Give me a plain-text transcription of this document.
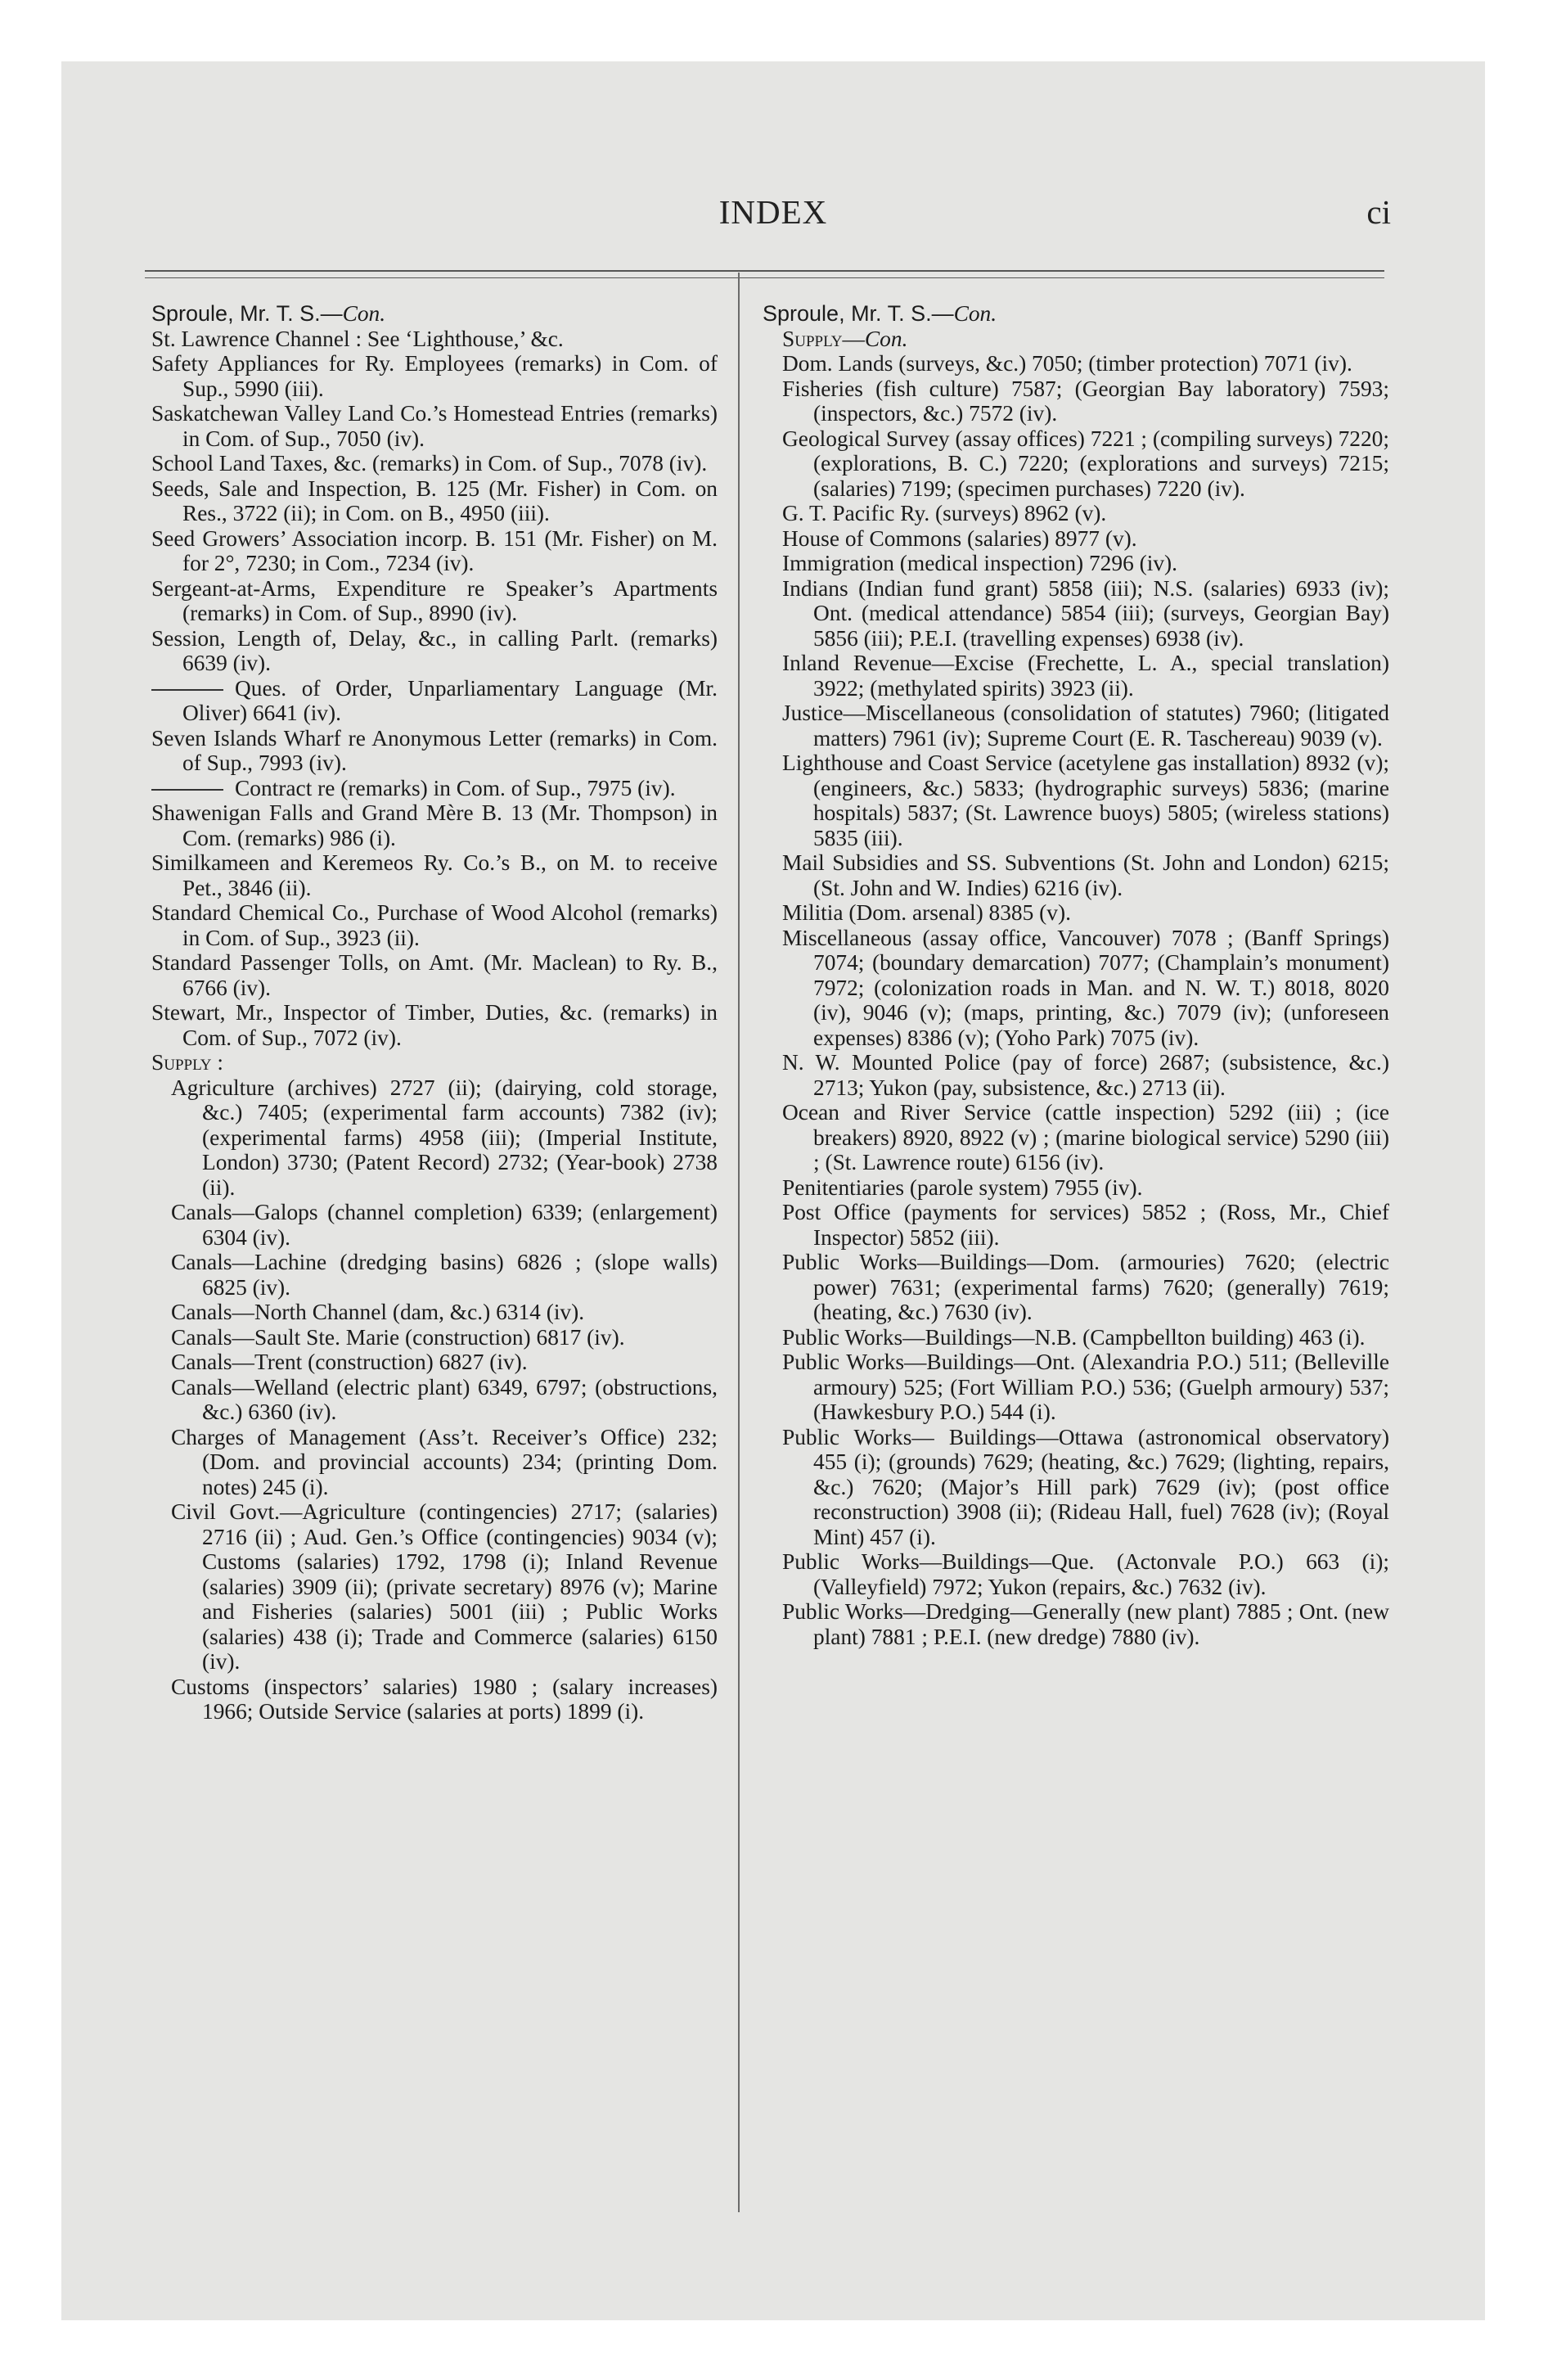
INDEX	ci

Sproule, Mr. T. S.—Con.

St. Lawrence Channel : See ‘Lighthouse,’ &c.

Safety Appliances for Ry. Employees (remarks) in Com. of Sup., 5990 (iii).

Saskatchewan Valley Land Co.’s Homestead Entries (remarks) in Com. of Sup., 7050 (iv).

School Land Taxes, &c. (remarks) in Com. of Sup., 7078 (iv).

Seeds, Sale and Inspection, B. 125 (Mr. Fisher) in Com. on Res., 3722 (ii); in Com. on B., 4950 (iii).

Seed Growers’ Association incorp. B. 151 (Mr. Fisher) on M. for 2°, 7230; in Com., 7234 (iv).

Sergeant-at-Arms, Expenditure re Speaker’s Apartments (remarks) in Com. of Sup., 8990 (iv).

Session, Length of, Delay, &c., in calling Parlt. (remarks) 6639 (iv).

Ques. of Order, Unparliamentary Language (Mr. Oliver) 6641 (iv).

Seven Islands Wharf re Anonymous Letter (remarks) in Com. of Sup., 7993 (iv).

Contract re (remarks) in Com. of Sup., 7975 (iv).

Shawenigan Falls and Grand Mère B. 13 (Mr. Thompson) in Com. (remarks) 986 (i).

Similkameen and Keremeos Ry. Co.’s B., on M. to receive Pet., 3846 (ii).

Standard Chemical Co., Purchase of Wood Alcohol (remarks) in Com. of Sup., 3923 (ii).

Standard Passenger Tolls, on Amt. (Mr. Maclean) to Ry. B., 6766 (iv).

Stewart, Mr., Inspector of Timber, Duties, &c. (remarks) in Com. of Sup., 7072 (iv).

Supply :

Agriculture (archives) 2727 (ii); (dairying, cold storage, &c.) 7405; (experimental farm accounts) 7382 (iv); (experimental farms) 4958 (iii); (Imperial Institute, London) 3730; (Patent Record) 2732; (Year-book) 2738 (ii).

Canals—Galops (channel completion) 6339; (enlargement) 6304 (iv).

Canals—Lachine (dredging basins) 6826 ; (slope walls) 6825 (iv).

Canals—North Channel (dam, &c.) 6314 (iv).

Canals—Sault Ste. Marie (construction) 6817 (iv).

Canals—Trent (construction) 6827 (iv).

Canals—Welland (electric plant) 6349, 6797; (obstructions, &c.) 6360 (iv).

Charges of Management (Ass’t. Receiver’s Office) 232; (Dom. and provincial accounts) 234; (printing Dom. notes) 245 (i).

Civil Govt.—Agriculture (contingencies) 2717; (salaries) 2716 (ii) ; Aud. Gen.’s Office (contingencies) 9034 (v); Customs (salaries) 1792, 1798 (i); Inland Revenue (salaries) 3909 (ii); (private secretary) 8976 (v); Marine and Fisheries (salaries) 5001 (iii) ; Public Works (salaries) 438 (i); Trade and Commerce (salaries) 6150 (iv).

Customs (inspectors’ salaries) 1980 ; (salary increases) 1966; Outside Service (salaries at ports) 1899 (i).

Sproule, Mr. T. S.—Con.

Supply—Con.

Dom. Lands (surveys, &c.) 7050; (timber protection) 7071 (iv).

Fisheries (fish culture) 7587; (Georgian Bay laboratory) 7593; (inspectors, &c.) 7572 (iv).

Geological Survey (assay offices) 7221 ; (compiling surveys) 7220; (explorations, B. C.) 7220; (explorations and surveys) 7215; (salaries) 7199; (specimen purchases) 7220 (iv).

G. T. Pacific Ry. (surveys) 8962 (v).

House of Commons (salaries) 8977 (v).

Immigration (medical inspection) 7296 (iv).

Indians (Indian fund grant) 5858 (iii); N.S. (salaries) 6933 (iv); Ont. (medical attendance) 5854 (iii); (surveys, Georgian Bay) 5856 (iii); P.E.I. (travelling expenses) 6938 (iv).

Inland Revenue—Excise (Frechette, L. A., special translation) 3922; (methylated spirits) 3923 (ii).

Justice—Miscellaneous (consolidation of statutes) 7960; (litigated matters) 7961 (iv); Supreme Court (E. R. Taschereau) 9039 (v).

Lighthouse and Coast Service (acetylene gas installation) 8932 (v); (engineers, &c.) 5833; (hydrographic surveys) 5836; (marine hospitals) 5837; (St. Lawrence buoys) 5805; (wireless stations) 5835 (iii).

Mail Subsidies and SS. Subventions (St. John and London) 6215; (St. John and W. Indies) 6216 (iv).

Militia (Dom. arsenal) 8385 (v).

Miscellaneous (assay office, Vancouver) 7078 ; (Banff Springs) 7074; (boundary demarcation) 7077; (Champlain’s monument) 7972; (colonization roads in Man. and N. W. T.) 8018, 8020 (iv), 9046 (v); (maps, printing, &c.) 7079 (iv); (unforeseen expenses) 8386 (v); (Yoho Park) 7075 (iv).

N. W. Mounted Police (pay of force) 2687; (subsistence, &c.) 2713; Yukon (pay, subsistence, &c.) 2713 (ii).

Ocean and River Service (cattle inspection) 5292 (iii) ; (ice breakers) 8920, 8922 (v) ; (marine biological service) 5290 (iii) ; (St. Lawrence route) 6156 (iv).

Penitentiaries (parole system) 7955 (iv).

Post Office (payments for services) 5852 ; (Ross, Mr., Chief Inspector) 5852 (iii).

Public Works—Buildings—Dom. (armouries) 7620; (electric power) 7631; (experimental farms) 7620; (generally) 7619; (heating, &c.) 7630 (iv).

Public Works—Buildings—N.B. (Campbellton building) 463 (i).

Public Works—Buildings—Ont. (Alexandria P.O.) 511; (Belleville armoury) 525; (Fort William P.O.) 536; (Guelph armoury) 537; (Hawkesbury P.O.) 544 (i).

Public Works— Buildings—Ottawa (astronomical observatory) 455 (i); (grounds) 7629; (heating, &c.) 7629; (lighting, repairs, &c.) 7620; (Major’s Hill park) 7629 (iv); (post office reconstruction) 3908 (ii); (Rideau Hall, fuel) 7628 (iv); (Royal Mint) 457 (i).

Public Works—Buildings—Que. (Actonvale P.O.) 663 (i); (Valleyfield) 7972; Yukon (repairs, &c.) 7632 (iv).

Public Works—Dredging—Generally (new plant) 7885 ; Ont. (new plant) 7881 ; P.E.I. (new dredge) 7880 (iv).
